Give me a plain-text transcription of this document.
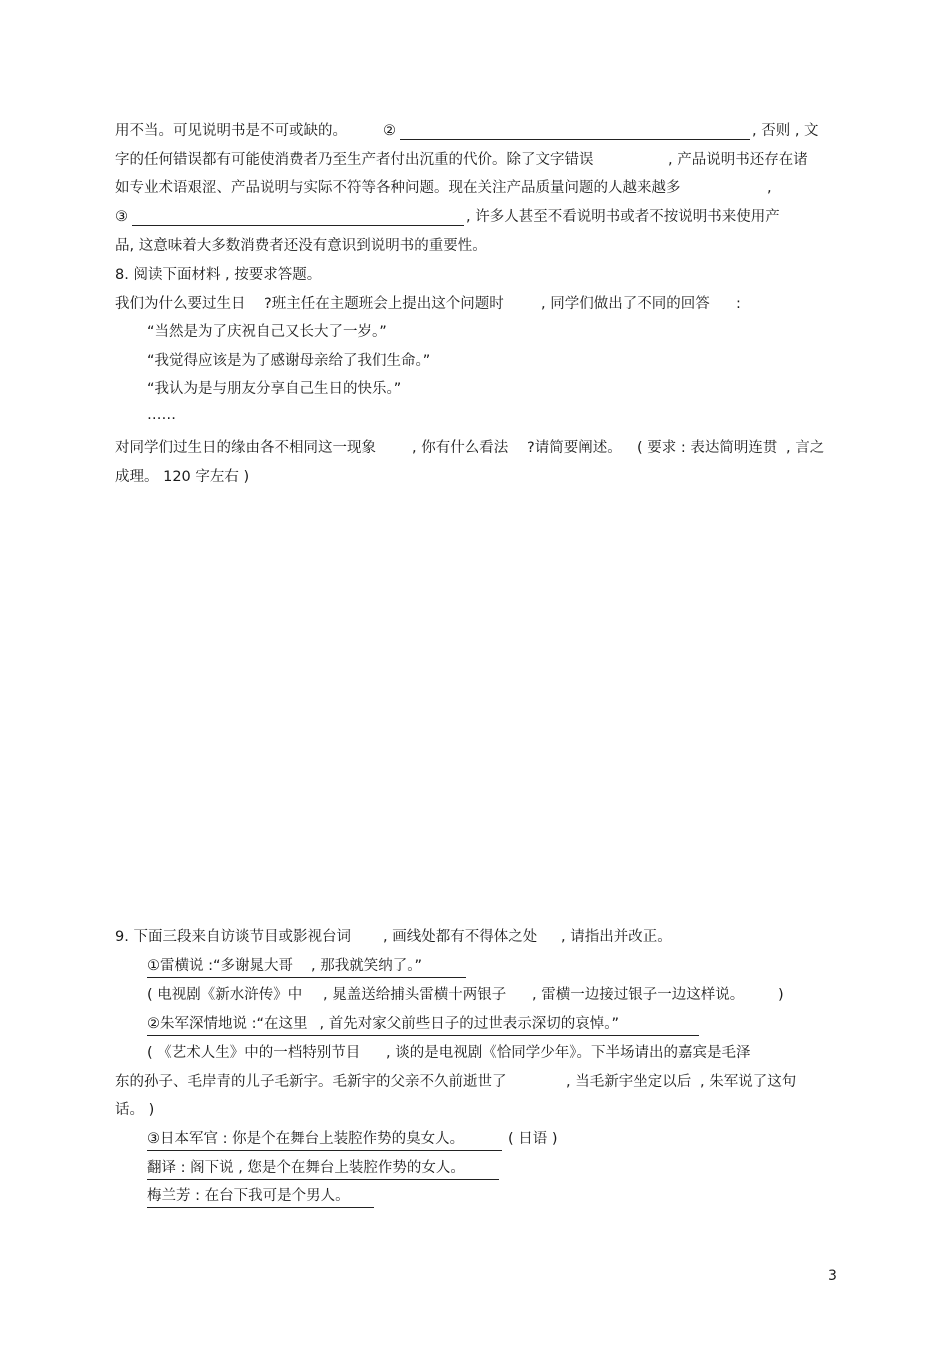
用不当。可见说明书是不可或缺的。 ②	, 否则 , 文
字的任何错误都有可能使消费者乃至生产者付出沉重的代价。除了文字错误	, 产品说明书还存在诸
如专业术语艰涩、产品说明与实际不符等各种问题。现在关注产品质量问题的人越来越多	,
③	, 许多人甚至不看说明书或者不按说明书来使用产
品, 这意味着大多数消费者还没有意识到说明书的重要性。
8. 阅读下面材料 , 按要求答题。
我们为什么要过生日 ?班主任在主题班会上提出这个问题时	, 同学们做出了不同的回答 :
“当然是为了庆祝自己又长大了一岁。”
“我觉得应该是为了感谢母亲给了我们生命。”
“我认为是与朋友分享自己生日的快乐。”
……
对同学们过生日的缘由各不相同这一现象 , 你有什么看法 ?请简要阐述。 ( 要求 : 表达简明连贯 , 言之
成理。 120 字左右 )
9. 下面三段来自访谈节目或影视台词 , 画线处都有不得体之处 , 请指出并改正。
①雷横说 :“多谢晁大哥 , 那我就笑纳了。”
( 电视剧《新水浒传》中 , 晁盖送给捕头雷横十两银子 , 雷横一边接过银子一边这样说。 )
②朱军深情地说 :“在这里 , 首先对家父前些日子的过世表示深切的哀悼。”
( 《艺术人生》中的一档特别节目 , 谈的是电视剧《恰同学少年》。下半场请出的嘉宾是毛泽
东的孙子、毛岸青的儿子毛新宇。毛新宇的父亲不久前逝世了	, 当毛新宇坐定以后 , 朱军说了这句
话。 )
③日本军官 : 你是个在舞台上装腔作势的臭女人。	( 日语 )
翻译 : 阁下说 , 您是个在舞台上装腔作势的女人。
梅兰芳 : 在台下我可是个男人。
3
